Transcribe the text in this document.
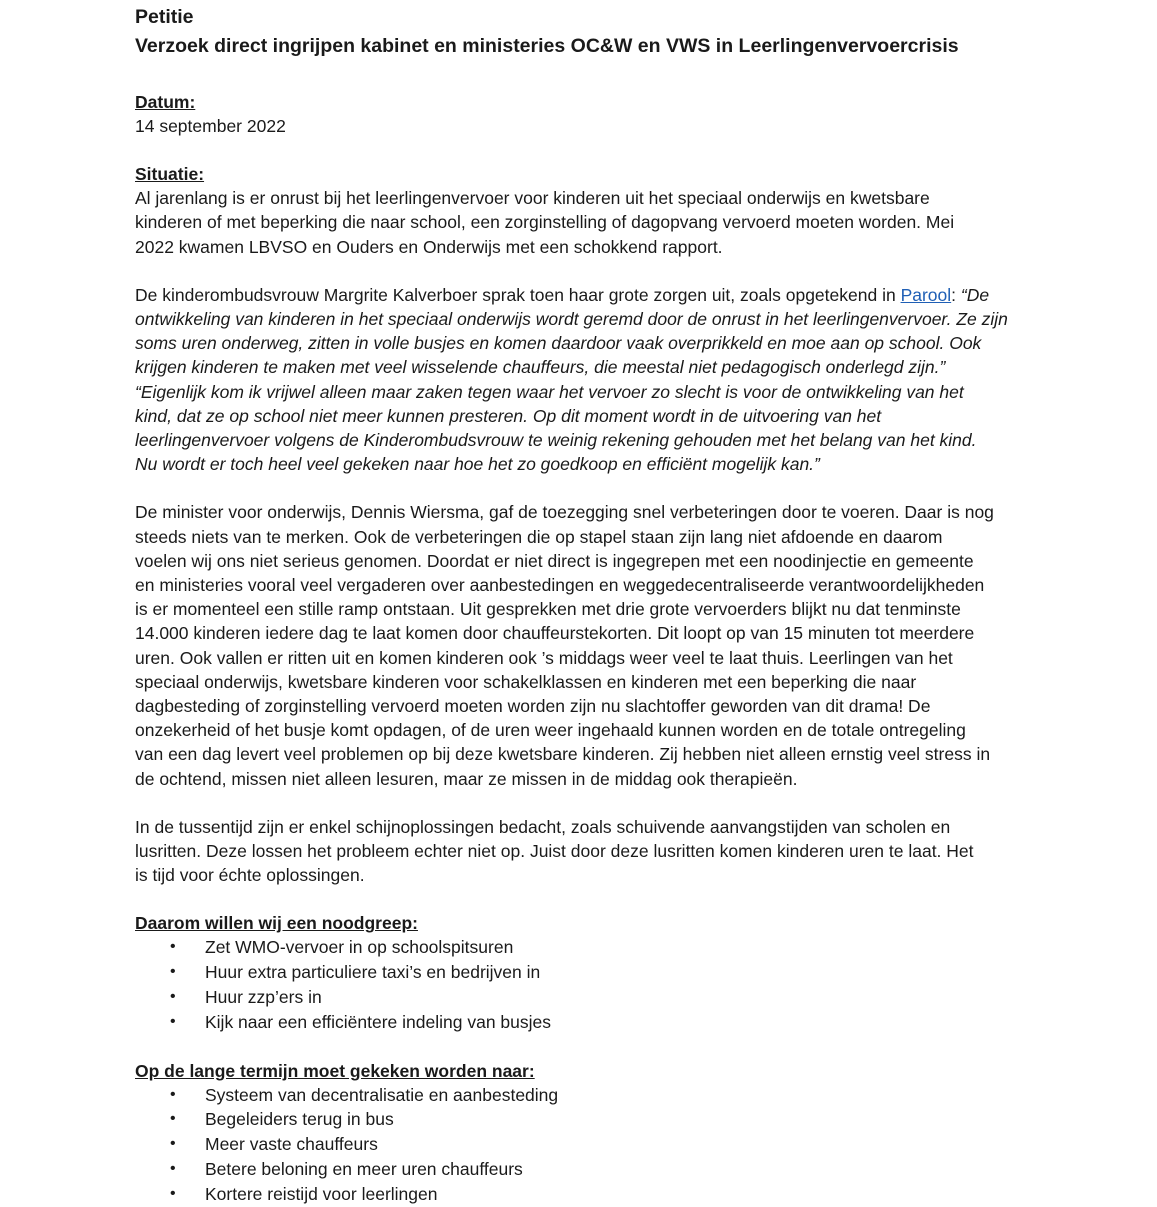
Petitie

Verzoek direct ingrijpen kabinet en ministeries OC&W en VWS in Leerlingenvervoercrisis

Datum:

14 september 2022

Situatie:

Al jarenlang is er onrust bij het leerlingenvervoer voor kinderen uit het speciaal onderwijs en kwetsbare
kinderen of met beperking die naar school, een zorginstelling of dagopvang vervoerd moeten worden. Mei
2022 kwamen LBVSO en Ouders en Onderwijs met een schokkend rapport.

De kinderombudsvrouw Margrite Kalverboer sprak toen haar grote zorgen uit, zoals opgetekend in Parool: “De
ontwikkeling van kinderen in het speciaal onderwijs wordt geremd door de onrust in het leerlingenvervoer. Ze zijn
soms uren onderweg, zitten in volle busjes en komen daardoor vaak overprikkeld en moe aan op school. Ook
krijgen kinderen te maken met veel wisselende chauffeurs, die meestal niet pedagogisch onderlegd zijn.”
“Eigenlijk kom ik vrijwel alleen maar zaken tegen waar het vervoer zo slecht is voor de ontwikkeling van het
kind, dat ze op school niet meer kunnen presteren. Op dit moment wordt in de uitvoering van het
leerlingenvervoer volgens de Kinderombudsvrouw te weinig rekening gehouden met het belang van het kind.
Nu wordt er toch heel veel gekeken naar hoe het zo goedkoop en efficiënt mogelijk kan.”

De minister voor onderwijs, Dennis Wiersma, gaf de toezegging snel verbeteringen door te voeren. Daar is nog
steeds niets van te merken. Ook de verbeteringen die op stapel staan zijn lang niet afdoende en daarom
voelen wij ons niet serieus genomen. Doordat er niet direct is ingegrepen met een noodinjectie en gemeente
en ministeries vooral veel vergaderen over aanbestedingen en weggedecentraliseerde verantwoordelijkheden
is er momenteel een stille ramp ontstaan. Uit gesprekken met drie grote vervoerders blijkt nu dat tenminste
14.000 kinderen iedere dag te laat komen door chauffeurstekorten. Dit loopt op van 15 minuten tot meerdere
uren. Ook vallen er ritten uit en komen kinderen ook ’s middags weer veel te laat thuis. Leerlingen van het
speciaal onderwijs, kwetsbare kinderen voor schakelklassen en kinderen met een beperking die naar
dagbesteding of zorginstelling vervoerd moeten worden zijn nu slachtoffer geworden van dit drama! De
onzekerheid of het busje komt opdagen, of de uren weer ingehaald kunnen worden en de totale ontregeling
van een dag levert veel problemen op bij deze kwetsbare kinderen. Zij hebben niet alleen ernstig veel stress in
de ochtend, missen niet alleen lesuren, maar ze missen in de middag ook therapieën.

In de tussentijd zijn er enkel schijnoplossingen bedacht, zoals schuivende aanvangstijden van scholen en
lusritten. Deze lossen het probleem echter niet op. Juist door deze lusritten komen kinderen uren te laat. Het
is tijd voor échte oplossingen.

Daarom willen wij een noodgreep:

• Zet WMO-vervoer in op schoolspitsuren
• Huur extra particuliere taxi’s en bedrijven in
• Huur zzp’ers in
• Kijk naar een efficiëntere indeling van busjes

Op de lange termijn moet gekeken worden naar:

• Systeem van decentralisatie en aanbesteding
• Begeleiders terug in bus
• Meer vaste chauffeurs
• Betere beloning en meer uren chauffeurs
• Kortere reistijd voor leerlingen
